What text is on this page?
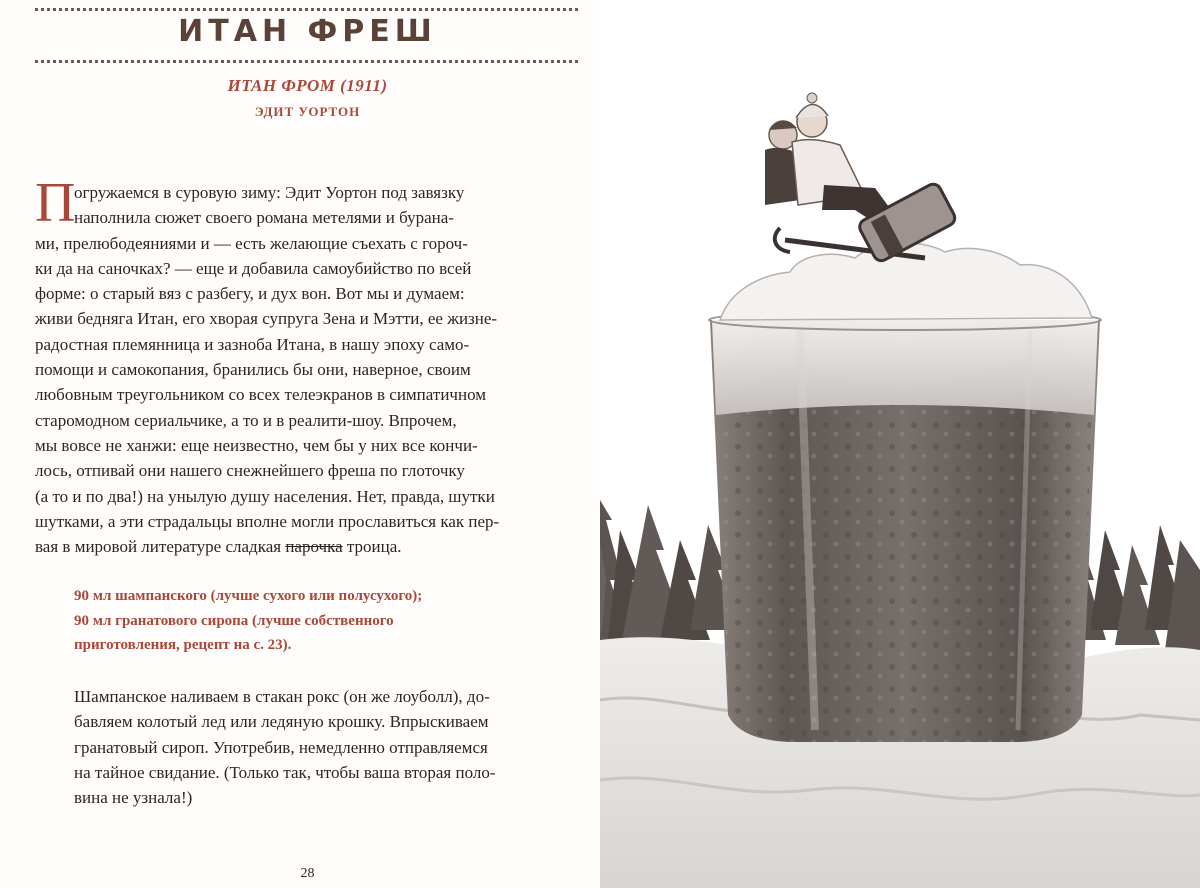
ИТАН ФРЕШ
ИТАН ФРОМ (1911)
ЭДИТ УОРТОН
П
огружаемся в суровую зиму: Эдит Уортон под завязку
наполнила сюжет своего романа метелями и бурана-
ми, прелюбодеяниями и — есть желающие съехать с гороч-
ки да на саночках? — еще и добавила самоубийство по всей
форме: о старый вяз с разбегу, и дух вон. Вот мы и думаем:
живи бедняга Итан, его хворая супруга Зена и Мэтти, ее жизне-
радостная племянница и зазноба Итана, в нашу эпоху само-
помощи и самокопания, бранились бы они, наверное, своим
любовным треугольником со всех телеэкранов в симпатичном
старомодном сериальчике, а то и в реалити-шоу. Впрочем,
мы вовсе не ханжи: еще неизвестно, чем бы у них все кончи-
лось, отпивай они нашего снежнейшего фреша по глоточку
(а то и по два!) на унылую душу населения. Нет, правда, шутки
шутками, а эти страдальцы вполне могли прославиться как пер-
вая в мировой литературе сладкая парочка троица.
90 мл шампанского (лучше сухого или полусухого);
90 мл гранатового сиропа (лучше собственного
приготовления, рецепт на с. 23).
Шампанское наливаем в стакан рокс (он же лоуболл), до-
бавляем колотый лед или ледяную крошку. Впрыскиваем
гранатовый сироп. Употребив, немедленно отправляемся
на тайное свидание. (Только так, чтобы ваша вторая поло-
вина не узнала!)
28
